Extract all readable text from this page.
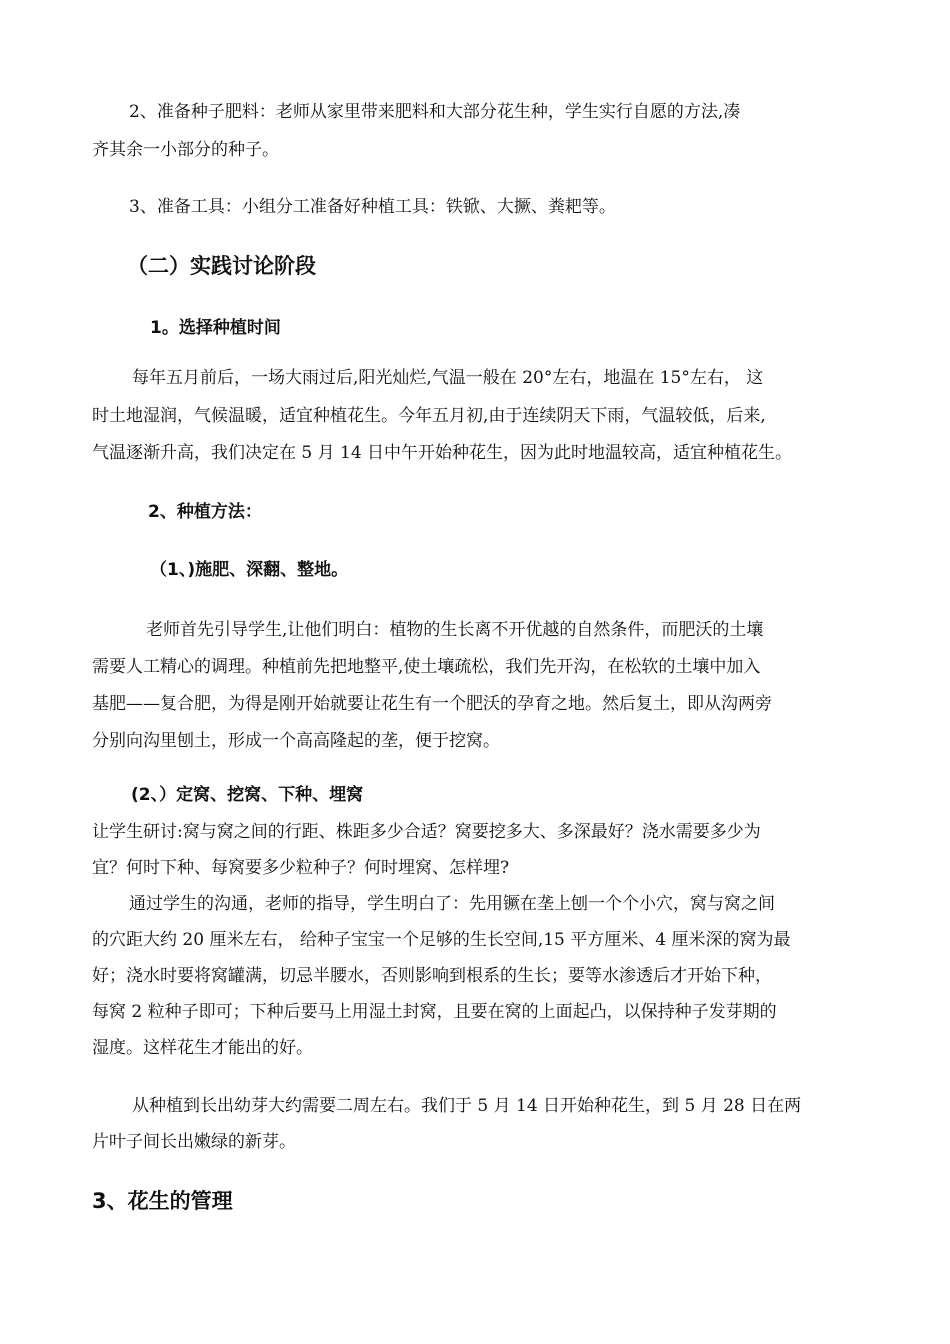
2、准备种子肥料：老师从家里带来肥料和大部分花生种，学生实行自愿的方法,凑

齐其余一小部分的种子。

3、准备工具：小组分工准备好种植工具：铁锨、大撅、粪耙等。

（二）实践讨论阶段
1。选择种植时间

每年五月前后，一场大雨过后,阳光灿烂,气温一般在 20°左右，地温在 15°左右， 这

时土地湿润，气候温暖，适宜种植花生。今年五月初,由于连续阴天下雨，气温较低，后来,

气温逐渐升高，我们决定在 5 月 14 日中午开始种花生，因为此时地温较高，适宜种植花生。

2、种植方法：
（1、)施肥、深翻、整地。

老师首先引导学生,让他们明白：植物的生长离不开优越的自然条件，而肥沃的土壤

需要人工精心的调理。种植前先把地整平,使土壤疏松，我们先开沟，在松软的土壤中加入

基肥——复合肥，为得是刚开始就要让花生有一个肥沃的孕育之地。然后复土，即从沟两旁

分别向沟里刨土，形成一个高高隆起的垄，便于挖窝。

(2、）定窝、挖窝、下种、埋窝

让学生研讨:窝与窝之间的行距、株距多少合适？窝要挖多大、多深最好？浇水需要多少为

宜？何时下种、每窝要多少粒种子？何时埋窝、怎样埋?

通过学生的沟通，老师的指导，学生明白了：先用镢在垄上刨一个个小穴，窝与窝之间

的穴距大约 20 厘米左右， 给种子宝宝一个足够的生长空间,15 平方厘米、4 厘米深的窝为最

好；浇水时要将窝罐满，切忌半腰水，否则影响到根系的生长；要等水渗透后才开始下种，

每窝 2 粒种子即可；下种后要马上用湿土封窝，且要在窝的上面起凸，以保持种子发芽期的

湿度。这样花生才能出的好。

从种植到长出幼芽大约需要二周左右。我们于 5 月 14 日开始种花生，到 5 月 28 日在两

片叶子间长出嫩绿的新芽。

3、花生的管理
